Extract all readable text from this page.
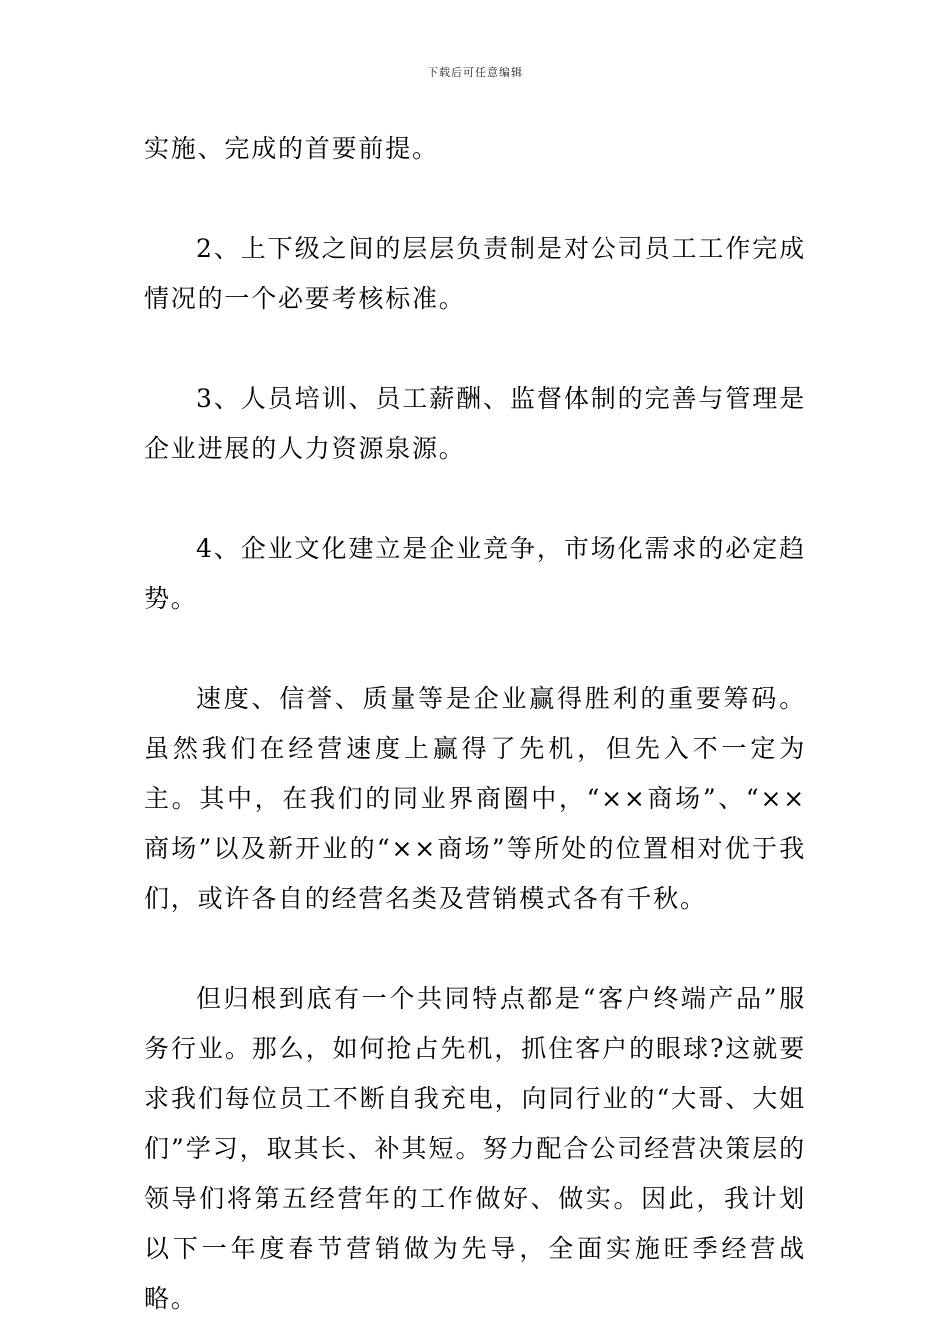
下载后可任意编辑

实施、完成的首要前提。

2、上下级之间的层层负责制是对公司员工工作完成情况的一个必要考核标准。

3、人员培训、员工薪酬、监督体制的完善与管理是企业进展的人力资源泉源。

4、企业文化建立是企业竞争，市场化需求的必定趋势。

速度、信誉、质量等是企业赢得胜利的重要筹码。虽然我们在经营速度上赢得了先机，但先入不一定为主。其中，在我们的同业界商圈中，“××商场”、“××商场”以及新开业的“××商场”等所处的位置相对优于我们，或许各自的经营名类及营销模式各有千秋。

但归根到底有一个共同特点都是“客户终端产品”服务行业。那么，如何抢占先机，抓住客户的眼球?这就要求我们每位员工不断自我充电，向同行业的“大哥、大姐们”学习，取其长、补其短。努力配合公司经营决策层的领导们将第五经营年的工作做好、做实。因此，我计划以下一年度春节营销做为先导，全面实施旺季经营战略。
